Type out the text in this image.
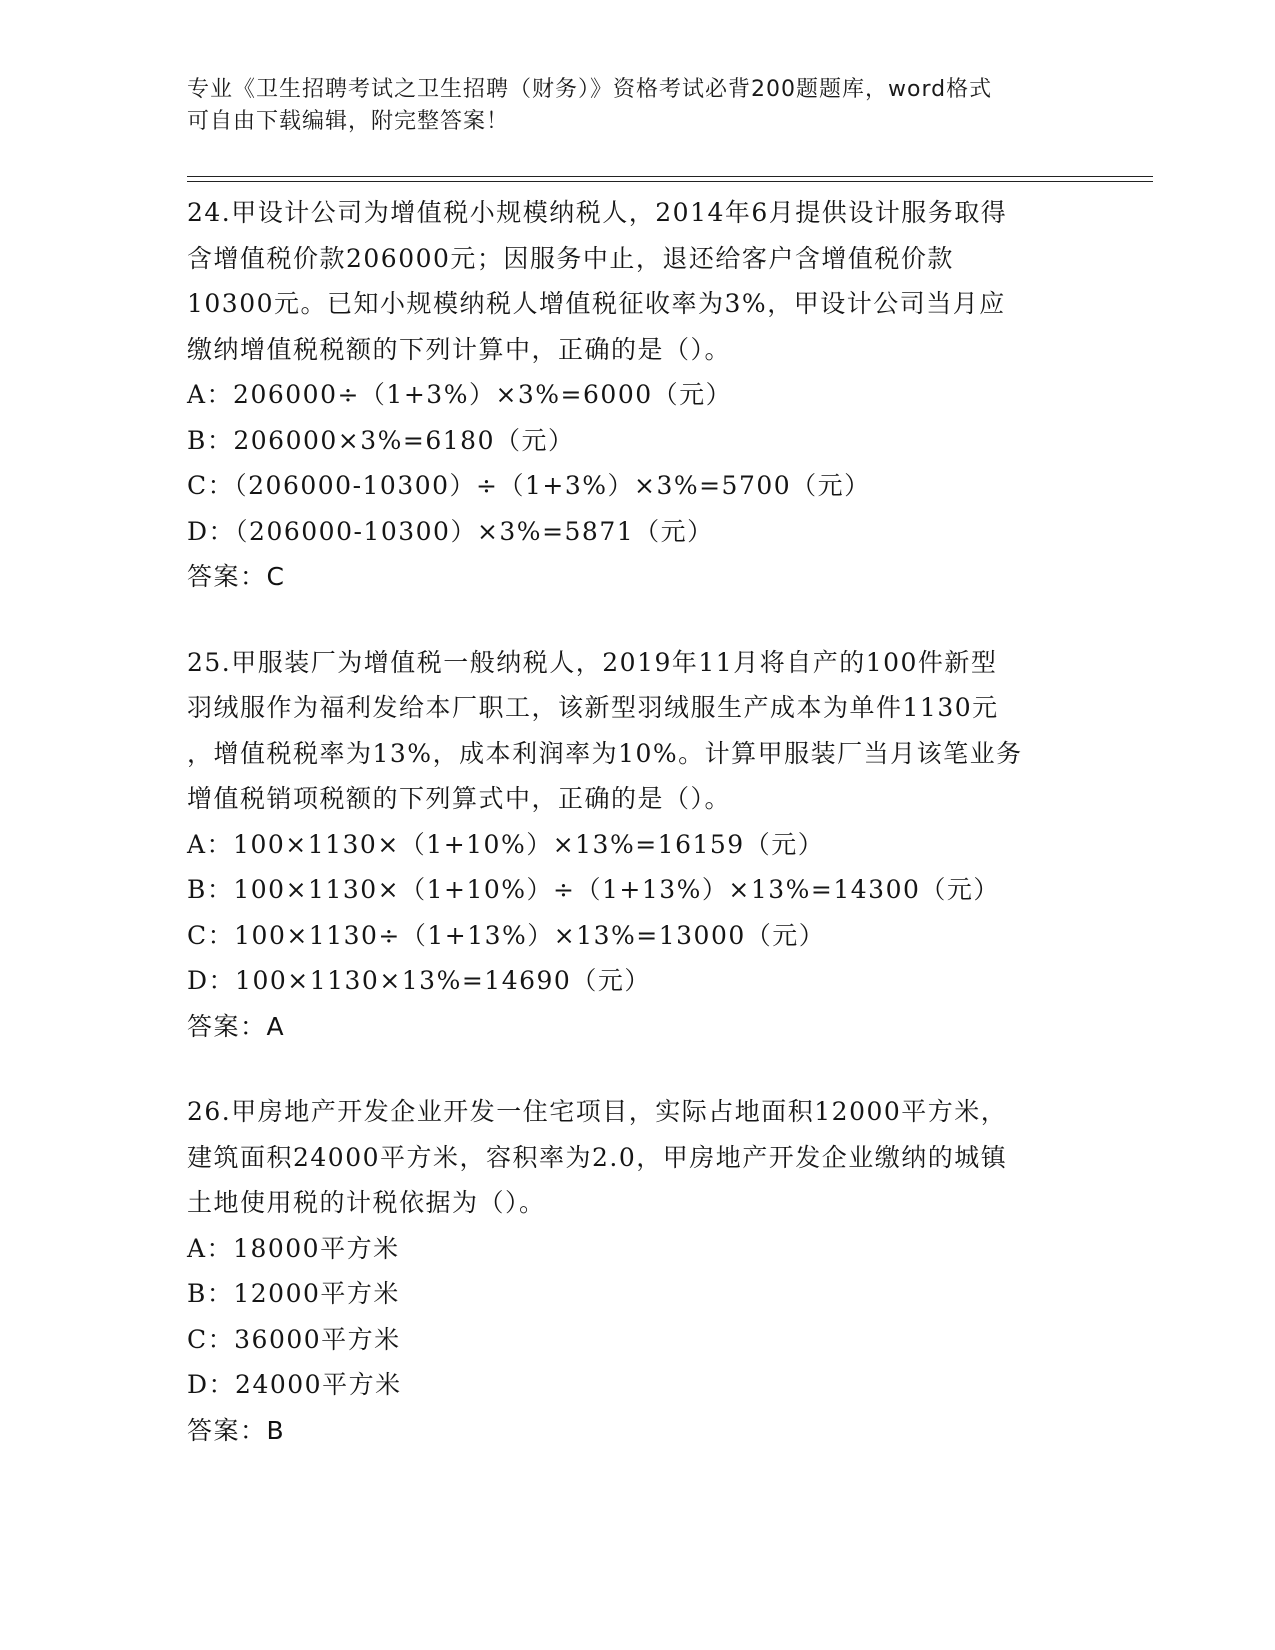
专业《卫生招聘考试之卫生招聘（财务）》资格考试必背200题题库，word格式
可自由下载编辑，附完整答案！
24.甲设计公司为增值税小规模纳税人，2014年6月提供设计服务取得
含增值税价款206000元；因服务中止，退还给客户含增值税价款
10300元。已知小规模纳税人增值税征收率为3%，甲设计公司当月应
缴纳增值税税额的下列计算中，正确的是（）。
A：206000÷（1+3%）×3%=6000（元）
B：206000×3%=6180（元）
C：（206000-10300）÷（1+3%）×3%=5700（元）
D：（206000-10300）×3%=5871（元）
答案：C
25.甲服装厂为增值税一般纳税人，2019年11月将自产的100件新型
羽绒服作为福利发给本厂职工，该新型羽绒服生产成本为单件1130元
，增值税税率为13%，成本利润率为10%。计算甲服装厂当月该笔业务
增值税销项税额的下列算式中，正确的是（）。
A：100×1130×（1+10%）×13%=16159（元）
B：100×1130×（1+10%）÷（1+13%）×13%=14300（元）
C：100×1130÷（1+13%）×13%=13000（元）
D：100×1130×13%=14690（元）
答案：A
26.甲房地产开发企业开发一住宅项目，实际占地面积12000平方米，
建筑面积24000平方米，容积率为2.0，甲房地产开发企业缴纳的城镇
土地使用税的计税依据为（）。
A：18000平方米
B：12000平方米
C：36000平方米
D：24000平方米
答案：B
